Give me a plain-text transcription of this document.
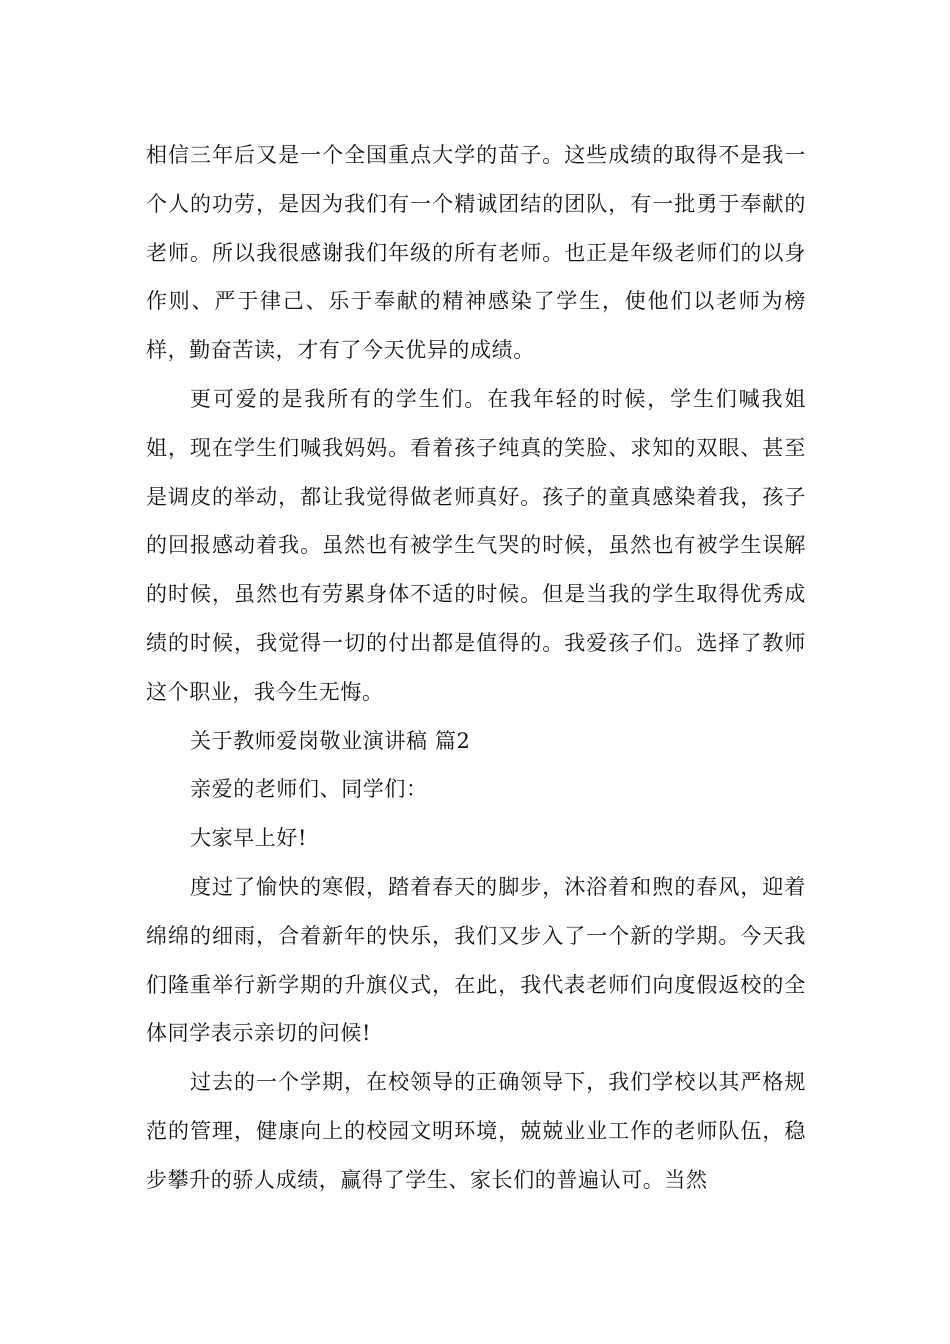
相信三年后又是一个全国重点大学的苗子。这些成绩的取得不是我一个人的功劳，是因为我们有一个精诚团结的团队，有一批勇于奉献的老师。所以我很感谢我们年级的所有老师。也正是年级老师们的以身作则、严于律己、乐于奉献的精神感染了学生，使他们以老师为榜样，勤奋苦读，才有了今天优异的成绩。

更可爱的是我所有的学生们。在我年轻的时候，学生们喊我姐姐，现在学生们喊我妈妈。看着孩子纯真的笑脸、求知的双眼、甚至是调皮的举动，都让我觉得做老师真好。孩子的童真感染着我，孩子的回报感动着我。虽然也有被学生气哭的时候，虽然也有被学生误解的时候，虽然也有劳累身体不适的时候。但是当我的学生取得优秀成绩的时候，我觉得一切的付出都是值得的。我爱孩子们。选择了教师这个职业，我今生无悔。

关于教师爱岗敬业演讲稿 篇2

亲爱的老师们、同学们：

大家早上好!

度过了愉快的寒假，踏着春天的脚步，沐浴着和煦的春风，迎着绵绵的细雨，合着新年的快乐，我们又步入了一个新的学期。今天我们隆重举行新学期的升旗仪式，在此，我代表老师们向度假返校的全体同学表示亲切的问候!

过去的一个学期，在校领导的正确领导下，我们学校以其严格规范的管理，健康向上的校园文明环境，兢兢业业工作的老师队伍，稳步攀升的骄人成绩，赢得了学生、家长们的普遍认可。当然
